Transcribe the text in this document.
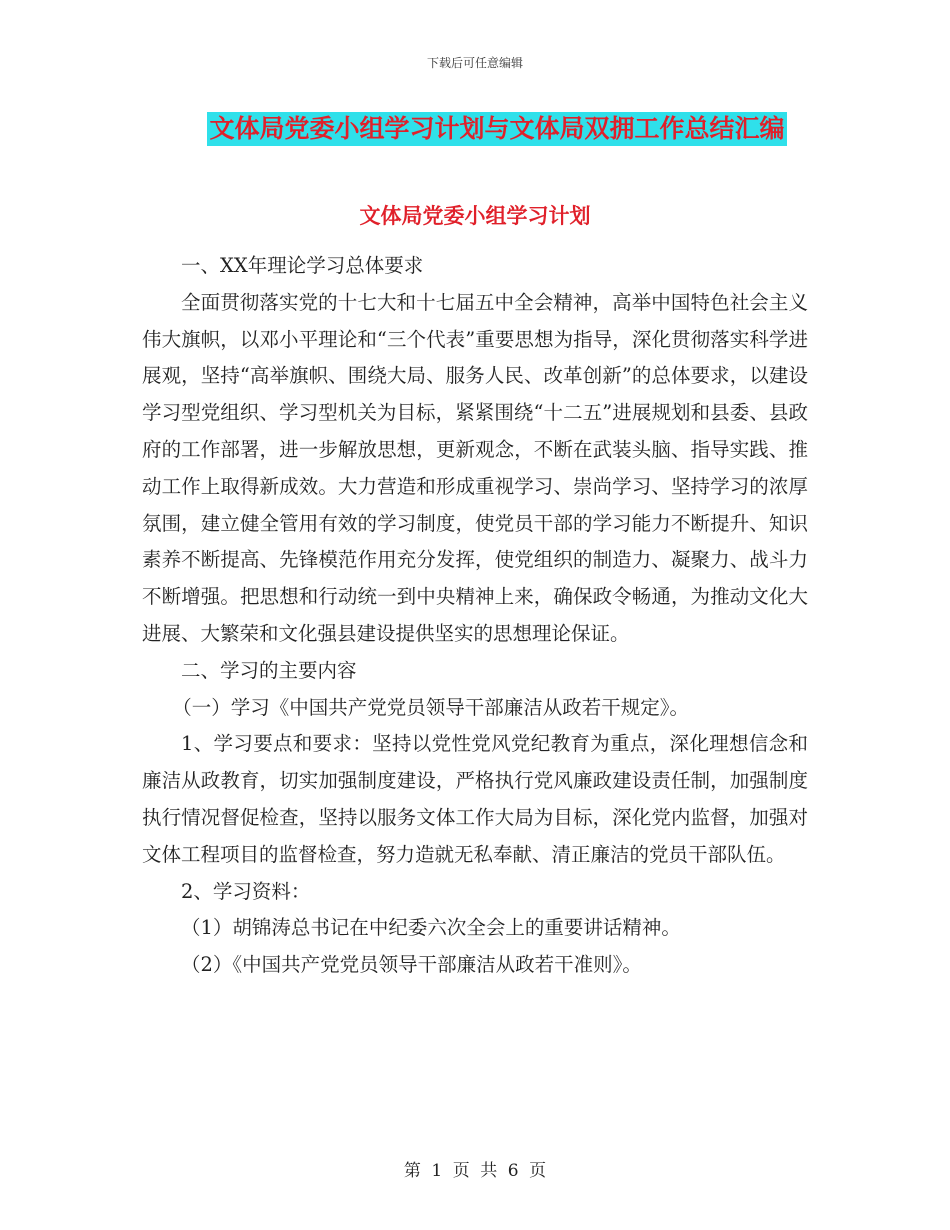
下载后可任意编辑
文体局党委小组学习计划与文体局双拥工作总结汇编
文体局党委小组学习计划

一、XX年理论学习总体要求

全面贯彻落实党的十七大和十七届五中全会精神，高举中国特色社会主义伟大旗帜，以邓小平理论和“三个代表”重要思想为指导，深化贯彻落实科学进展观，坚持“高举旗帜、围绕大局、服务人民、改革创新”的总体要求，以建设学习型党组织、学习型机关为目标，紧紧围绕“十二五”进展规划和县委、县政府的工作部署，进一步解放思想，更新观念，不断在武装头脑、指导实践、推动工作上取得新成效。大力营造和形成重视学习、崇尚学习、坚持学习的浓厚氛围，建立健全管用有效的学习制度，使党员干部的学习能力不断提升、知识素养不断提高、先锋模范作用充分发挥，使党组织的制造力、凝聚力、战斗力不断增强。把思想和行动统一到中央精神上来，确保政令畅通，为推动文化大进展、大繁荣和文化强县建设提供坚实的思想理论保证。

二、学习的主要内容

（一）学习《中国共产党党员领导干部廉洁从政若干规定》。

1、学习要点和要求：坚持以党性党风党纪教育为重点，深化理想信念和廉洁从政教育，切实加强制度建设，严格执行党风廉政建设责任制，加强制度执行情况督促检查，坚持以服务文体工作大局为目标，深化党内监督，加强对文体工程项目的监督检查，努力造就无私奉献、清正廉洁的党员干部队伍。

2、学习资料：

（1）胡锦涛总书记在中纪委六次全会上的重要讲话精神。

（2）《中国共产党党员领导干部廉洁从政若干准则》。

第 1 页 共 6 页
